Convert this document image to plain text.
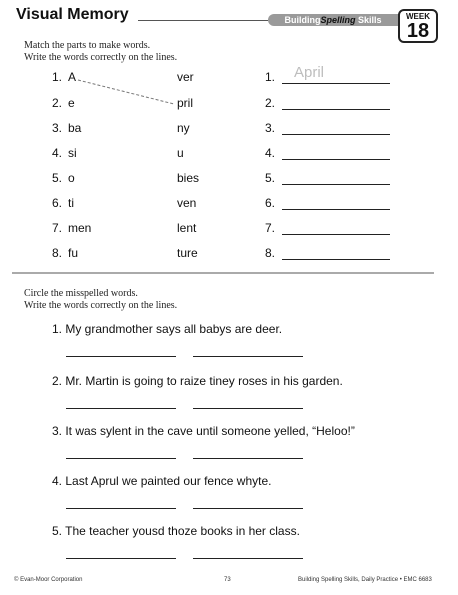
Visual Memory	BuildingSpelling Skills	WEEK
18
Match the parts to make words.
Write the words correctly on the lines.
1. A	ver	1. April
2. e	pril	2.
3. ba	ny	3.
4. si	u	4.
5. o	bies	5.
6. ti	ven	6.
7. men	lent	7.
8. fu	ture	8.
Circle the misspelled words.
Write the words correctly on the lines.
1. My grandmother says all babys are deer.
2. Mr. Martin is going to raize tiney roses in his garden.
3. It was sylent in the cave until someone yelled, “Heloo!”
4. Last Aprul we painted our fence whyte.
5. The teacher yousd thoze books in her class.
© Evan-Moor Corporation	73	Building Spelling Skills, Daily Practice • EMC 6683
